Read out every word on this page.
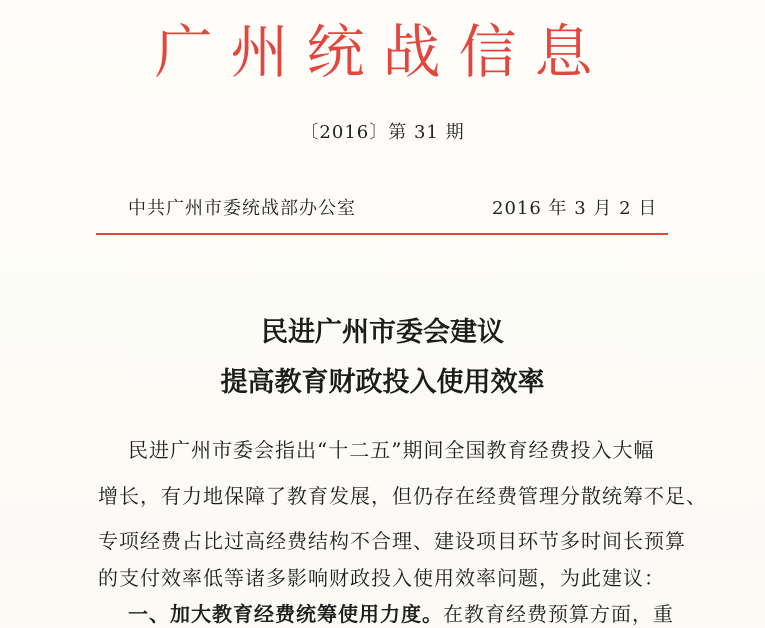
广州统战信息
〔2016〕第 31 期
中共广州市委统战部办公室	2016 年 3 月 2 日
民进广州市委会建议
提高教育财政投入使用效率
民进广州市委会指出“十二五”期间全国教育经费投入大幅
增长，有力地保障了教育发展，但仍存在经费管理分散统筹不足、
专项经费占比过高经费结构不合理、建设项目环节多时间长预算
的支付效率低等诸多影响财政投入使用效率问题，为此建议：
一、加大教育经费统筹使用力度。在教育经费预算方面，重
